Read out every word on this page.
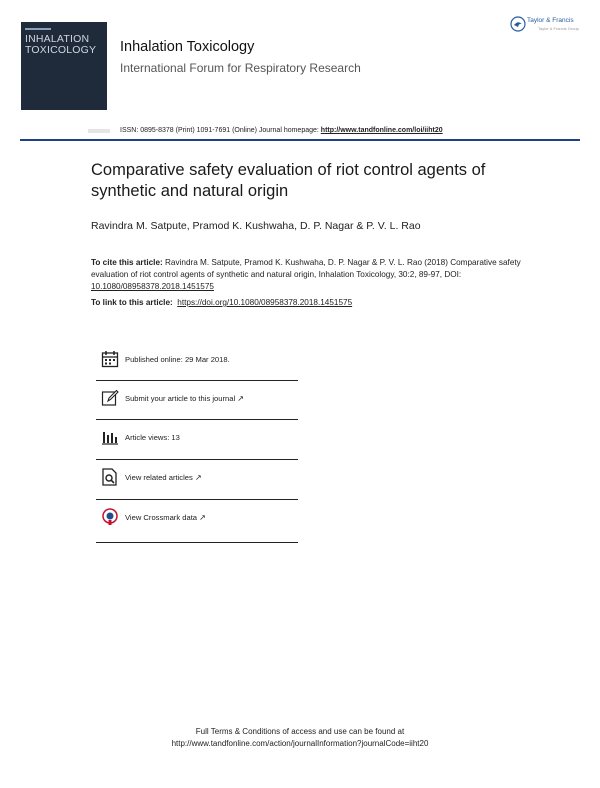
INHALATION
TOXICOLOGY Inhalation Toxicology
International Forum for Respiratory Research
Taylor & Francis
Taylor & Francis Group
ISSN: 0895-8378 (Print) 1091-7691 (Online) Journal homepage: http://www.tandfonline.com/loi/iiht20
Comparative safety evaluation of riot control agents of synthetic and natural origin
Ravindra M. Satpute, Pramod K. Kushwaha, D. P. Nagar & P. V. L. Rao
To cite this article: Ravindra M. Satpute, Pramod K. Kushwaha, D. P. Nagar & P. V. L. Rao (2018) Comparative safety evaluation of riot control agents of synthetic and natural origin, Inhalation Toxicology, 30:2, 89-97, DOI: 10.1080/08958378.2018.1451575
To link to this article: https://doi.org/10.1080/08958378.2018.1451575
Published online: 29 Mar 2018.
Submit your article to this journal ↗
Article views: 13
View related articles ↗
View Crossmark data ↗
Full Terms & Conditions of access and use can be found at
http://www.tandfonline.com/action/journalInformation?journalCode=iiht20
